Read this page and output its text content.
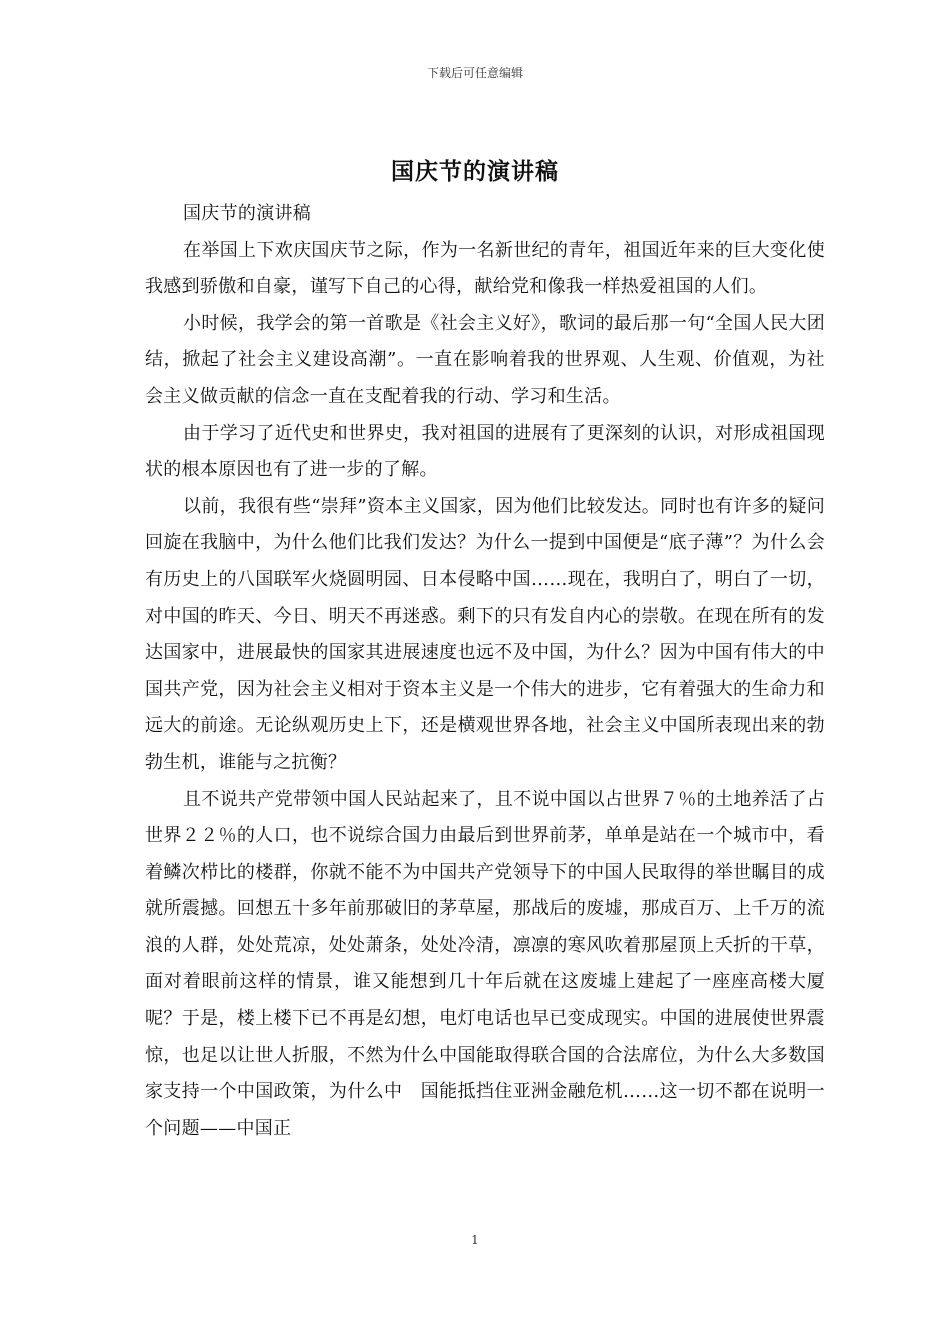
下载后可任意编辑
国庆节的演讲稿

国庆节的演讲稿

在举国上下欢庆国庆节之际，作为一名新世纪的青年，祖国近年来的巨大变化使我感到骄傲和自豪，谨写下自己的心得，献给党和像我一样热爱祖国的人们。

小时候，我学会的第一首歌是《社会主义好》，歌词的最后那一句“全国人民大团结，掀起了社会主义建设高潮”。一直在影响着我的世界观、人生观、价值观，为社会主义做贡献的信念一直在支配着我的行动、学习和生活。

由于学习了近代史和世界史，我对祖国的进展有了更深刻的认识，对形成祖国现状的根本原因也有了进一步的了解。

以前，我很有些“崇拜”资本主义国家，因为他们比较发达。同时也有许多的疑问回旋在我脑中，为什么他们比我们发达？为什么一提到中国便是“底子薄”？为什么会有历史上的八国联军火烧圆明园、日本侵略中国……现在，我明白了，明白了一切，对中国的昨天、今日、明天不再迷惑。剩下的只有发自内心的崇敬。在现在所有的发达国家中，进展最快的国家其进展速度也远不及中国，为什么？因为中国有伟大的中国共产党，因为社会主义相对于资本主义是一个伟大的进步，它有着强大的生命力和远大的前途。无论纵观历史上下，还是横观世界各地，社会主义中国所表现出来的勃勃生机，谁能与之抗衡？

且不说共产党带领中国人民站起来了，且不说中国以占世界７％的土地养活了占世界２２％的人口，也不说综合国力由最后到世界前茅，单单是站在一个城市中，看着鳞次栉比的楼群，你就不能不为中国共产党领导下的中国人民取得的举世瞩目的成就所震撼。回想五十多年前那破旧的茅草屋，那战后的废墟，那成百万、上千万的流浪的人群，处处荒凉，处处萧条，处处冷清，凛凛的寒风吹着那屋顶上夭折的干草，面对着眼前这样的情景，谁又能想到几十年后就在这废墟上建起了一座座高楼大厦呢？于是，楼上楼下已不再是幻想，电灯电话也早已变成现实。中国的进展使世界震惊，也足以让世人折服，不然为什么中国能取得联合国的合法席位，为什么大多数国家支持一个中国政策，为什么中　国能抵挡住亚洲金融危机……这一切不都在说明一个问题——中国正

1
